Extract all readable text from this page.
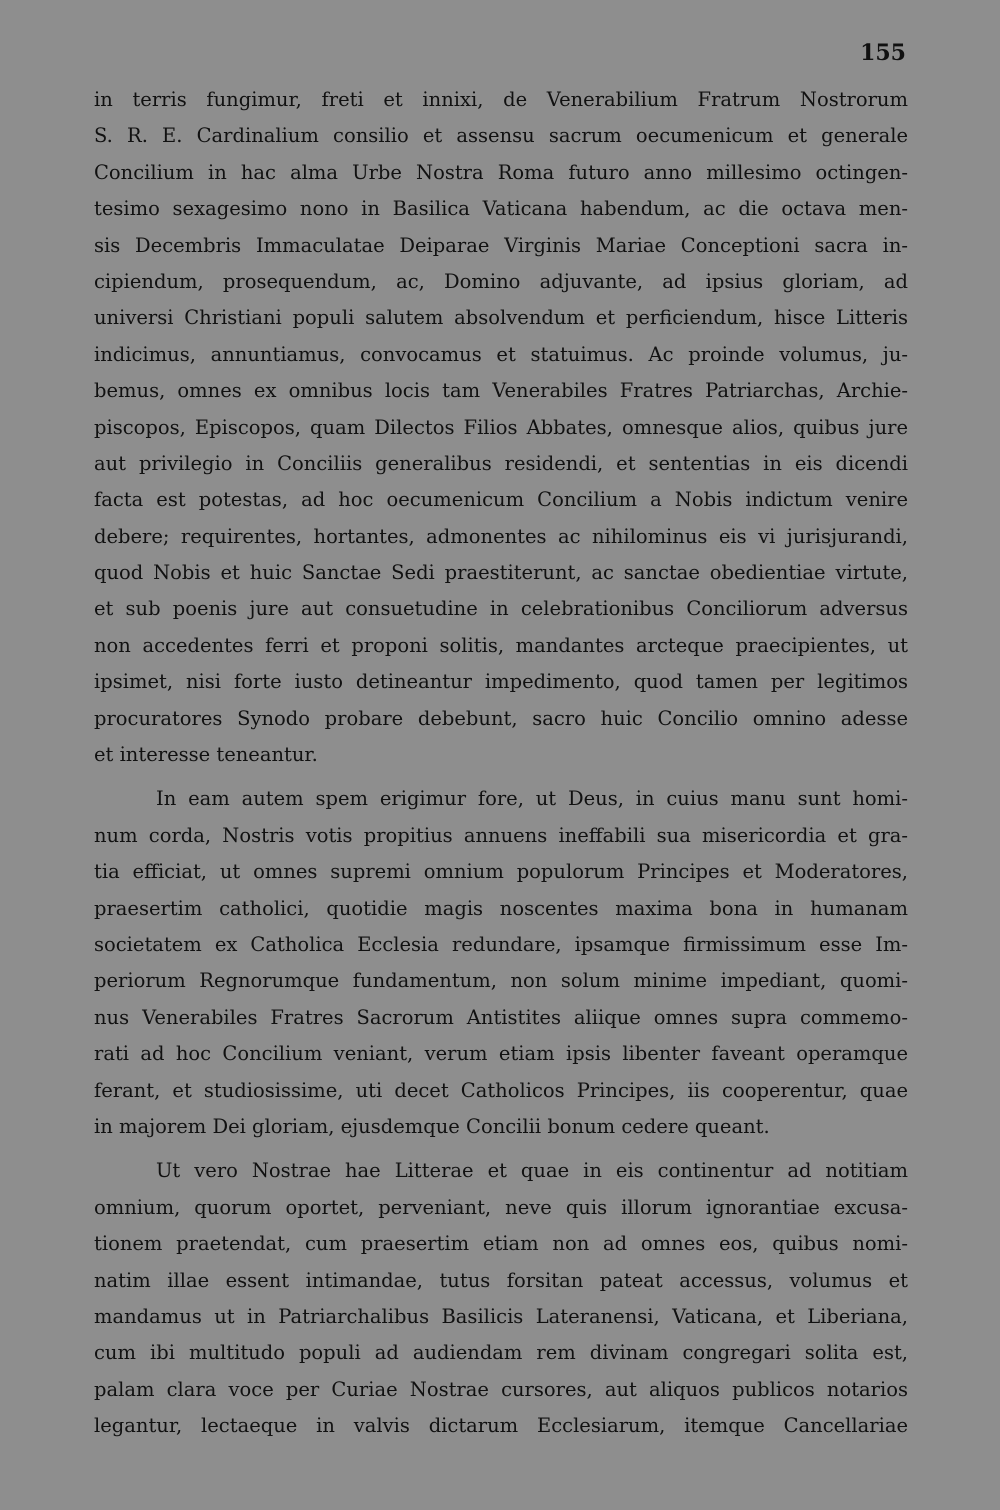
155
in terris fungimur, freti et innixi, de Venerabilium Fratrum Nostrorum
S. R. E. Cardinalium consilio et assensu sacrum oecumenicum et generale
Concilium in hac alma Urbe Nostra Roma futuro anno millesimo octingen-
tesimo sexagesimo nono in Basilica Vaticana habendum, ac die octava men-
sis Decembris Immaculatae Deiparae Virginis Mariae Conceptioni sacra in-
cipiendum, prosequendum, ac, Domino adjuvante, ad ipsius gloriam, ad
universi Christiani populi salutem absolvendum et perficiendum, hisce Litteris
indicimus, annuntiamus, convocamus et statuimus. Ac proinde volumus, ju-
bemus, omnes ex omnibus locis tam Venerabiles Fratres Patriarchas, Archie-
piscopos, Episcopos, quam Dilectos Filios Abbates, omnesque alios, quibus jure
aut privilegio in Conciliis generalibus residendi, et sententias in eis dicendi
facta est potestas, ad hoc oecumenicum Concilium a Nobis indictum venire
debere; requirentes, hortantes, admonentes ac nihilominus eis vi jurisjurandi,
quod Nobis et huic Sanctae Sedi praestiterunt, ac sanctae obedientiae virtute,
et sub poenis jure aut consuetudine in celebrationibus Conciliorum adversus
non accedentes ferri et proponi solitis, mandantes arcteque praecipientes, ut
ipsimet, nisi forte iusto detineantur impedimento, quod tamen per legitimos
procuratores Synodo probare debebunt, sacro huic Concilio omnino adesse
et interesse teneantur.
In eam autem spem erigimur fore, ut Deus, in cuius manu sunt homi-
num corda, Nostris votis propitius annuens ineffabili sua misericordia et gra-
tia efficiat, ut omnes supremi omnium populorum Principes et Moderatores,
praesertim catholici, quotidie magis noscentes maxima bona in humanam
societatem ex Catholica Ecclesia redundare, ipsamque firmissimum esse Im-
periorum Regnorumque fundamentum, non solum minime impediant, quomi-
nus Venerabiles Fratres Sacrorum Antistites aliique omnes supra commemo-
rati ad hoc Concilium veniant, verum etiam ipsis libenter faveant operamque
ferant, et studiosissime, uti decet Catholicos Principes, iis cooperentur, quae
in majorem Dei gloriam, ejusdemque Concilii bonum cedere queant.
Ut vero Nostrae hae Litterae et quae in eis continentur ad notitiam
omnium, quorum oportet, perveniant, neve quis illorum ignorantiae excusa-
tionem praetendat, cum praesertim etiam non ad omnes eos, quibus nomi-
natim illae essent intimandae, tutus forsitan pateat accessus, volumus et
mandamus ut in Patriarchalibus Basilicis Lateranensi, Vaticana, et Liberiana,
cum ibi multitudo populi ad audiendam rem divinam congregari solita est,
palam clara voce per Curiae Nostrae cursores, aut aliquos publicos notarios
legantur, lectaeque in valvis dictarum Ecclesiarum, itemque Cancellariae
